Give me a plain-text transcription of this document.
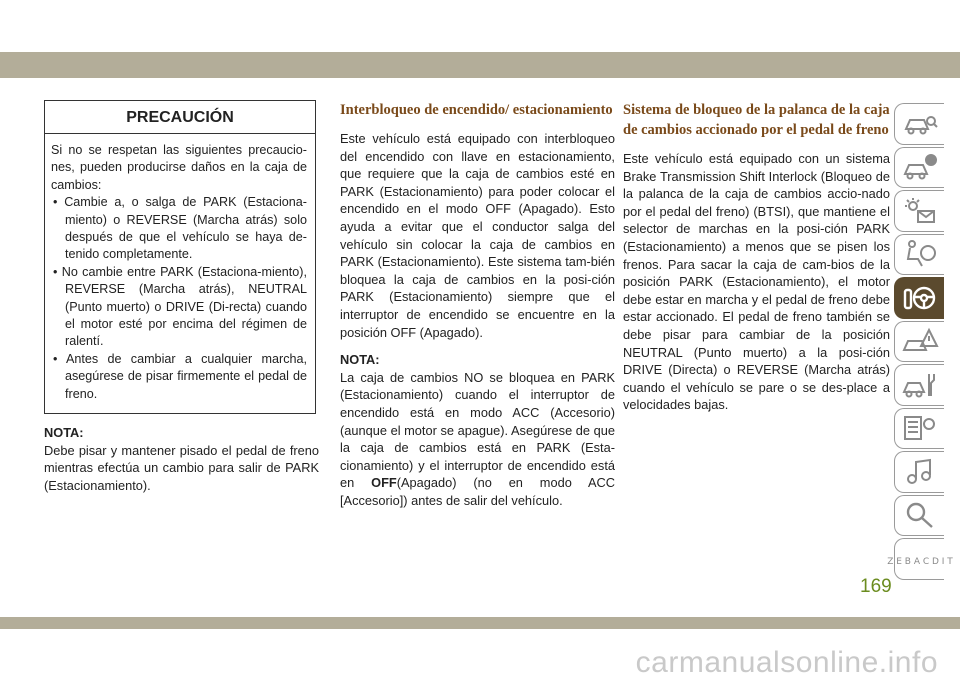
PRECAUCIÓN
Si no se respetan las siguientes precaucio-nes, pueden producirse daños en la caja de cambios:
• Cambie a, o salga de PARK (Estaciona-miento) o REVERSE (Marcha atrás) solo después de que el vehículo se haya de-tenido completamente.
• No cambie entre PARK (Estaciona-miento), REVERSE (Marcha atrás), NEUTRAL (Punto muerto) o DRIVE (Di-recta) cuando el motor esté por encima del régimen de ralentí.
• Antes de cambiar a cualquier marcha, asegúrese de pisar firmemente el pedal de freno.
NOTA:

Debe pisar y mantener pisado el pedal de freno mientras efectúa un cambio para salir de PARK (Estacionamiento).

Interbloqueo de encendido/ estacionamiento

Este vehículo está equipado con interbloqueo del encendido con llave en estacionamiento, que requiere que la caja de cambios esté en PARK (Estacionamiento) para poder colocar el encendido en el modo OFF (Apagado). Esto ayuda a evitar que el conductor salga del vehículo sin colocar la caja de cambios en PARK (Estacionamiento). Este sistema tam-bién bloquea la caja de cambios en la posi-ción PARK (Estacionamiento) siempre que el interruptor de encendido se encuentre en la posición OFF (Apagado).

NOTA:

La caja de cambios NO se bloquea en PARK (Estacionamiento) cuando el interruptor de encendido está en modo ACC (Accesorio) (aunque el motor se apague). Asegúrese de que la caja de cambios está en PARK (Esta-cionamiento) y el interruptor de encendido está en OFF(Apagado) (no en modo ACC [Accesorio]) antes de salir del vehículo.

Sistema de bloqueo de la palanca de la caja de cambios accionado por el pedal de freno

Este vehículo está equipado con un sistema Brake Transmission Shift Interlock (Bloqueo de la palanca de la caja de cambios accio-nado por el pedal del freno) (BTSI), que mantiene el selector de marchas en la posi-ción PARK (Estacionamiento) a menos que se pisen los frenos. Para sacar la caja de cam-bios de la posición PARK (Estacionamiento), el motor debe estar en marcha y el pedal de freno debe estar accionado. El pedal de freno también se debe pisar para cambiar de la posición NEUTRAL (Punto muerto) a la posi-ción DRIVE (Directa) o REVERSE (Marcha atrás) cuando el vehículo se pare o se des-place a velocidades bajas.

Z E B A C D I T
169
carmanualsonline.info
